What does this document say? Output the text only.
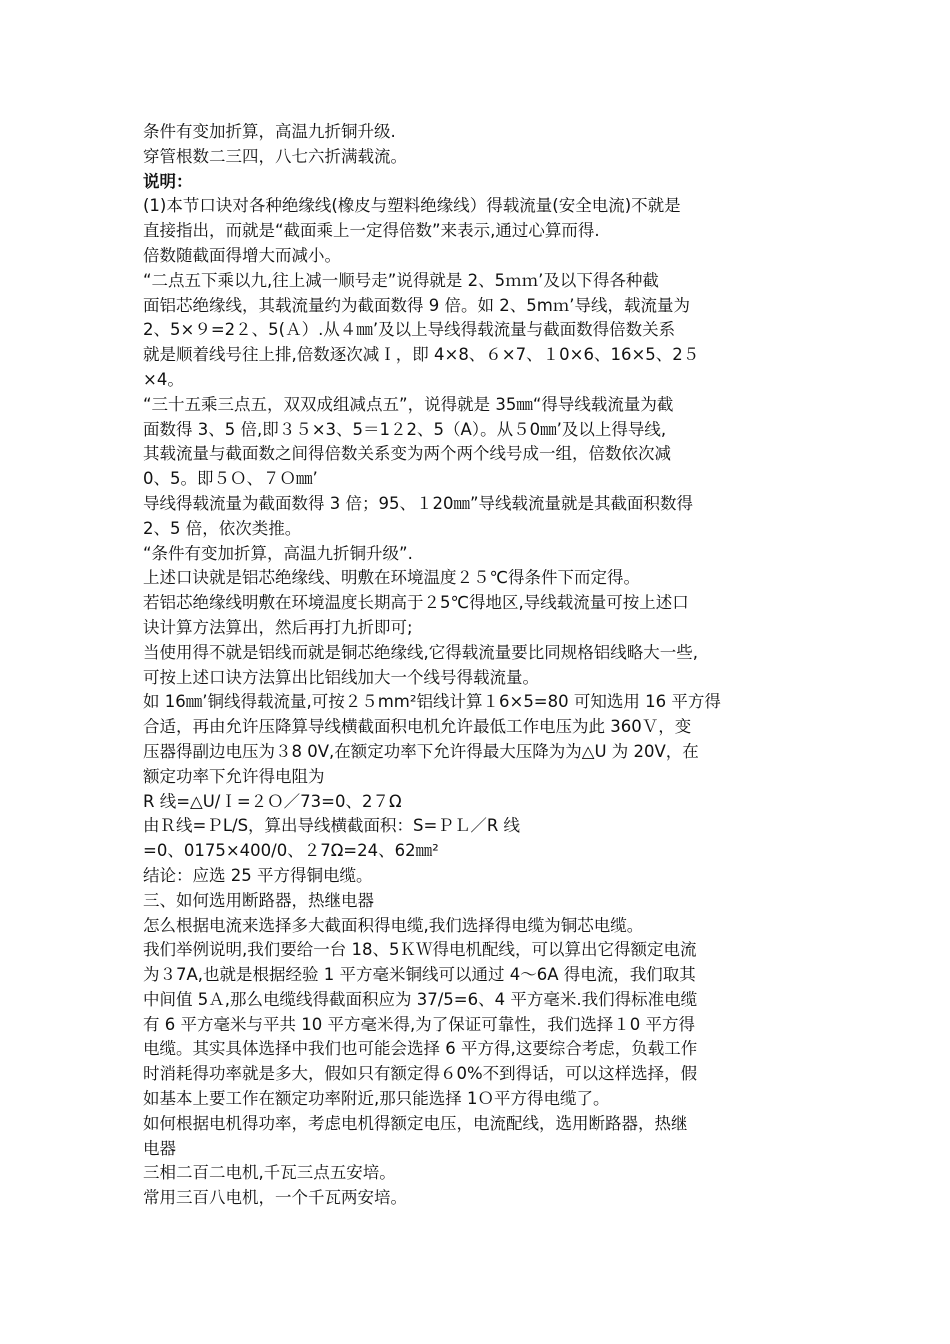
条件有变加折算，高温九折铜升级.
穿管根数二三四，八七六折满载流。
说明：
(1)本节口诀对各种绝缘线(橡皮与塑料绝缘线）得载流量(安全电流)不就是
直接指出，而就是“截面乘上一定得倍数”来表示,通过心算而得.
倍数随截面得增大而减小。
“二点五下乘以九,往上减一顺号走”说得就是 2、5ｍｍ’及以下得各种截
面铝芯绝缘线，其载流量约为截面数得 9 倍。如 2、5mｍ’导线，载流量为
2、5×９=2２、5(Ａ）.从４㎜’及以上导线得载流量与截面数得倍数关系
就是顺着线号往上排,倍数逐次减Ｉ，即 4×8、６×7、１0×6、16×5、2５
×4。
“三十五乘三点五，双双成组减点五”，说得就是 35㎜“得导线载流量为截
面数得 3、5 倍,即３５×3、5＝1２2、5（A）。从５0㎜’及以上得导线,
其载流量与截面数之间得倍数关系变为两个两个线号成一组，倍数依次减
0、5。即５Ｏ、７Ｏ㎜’
导线得载流量为截面数得 3 倍；95、１20㎜”导线载流量就是其截面积数得
2、5 倍，依次类推。
“条件有变加折算，高温九折铜升级”.
上述口诀就是铝芯绝缘线、明敷在环境温度２５℃得条件下而定得。
若铝芯绝缘线明敷在环境温度长期高于２5℃得地区,导线载流量可按上述口
诀计算方法算出，然后再打九折即可;
当使用得不就是铝线而就是铜芯绝缘线,它得载流量要比同规格铝线略大一些,
可按上述口诀方法算出比铝线加大一个线号得载流量。
如 16㎜’铜线得载流量,可按２５mm²铝线计算１6×5=80 可知选用 16 平方得
合适，再由允许压降算导线横截面积电机允许最低工作电压为此 360Ｖ，变
压器得副边电压为３8 0V,在额定功率下允许得最大压降为为△U 为 20V，在
额定功率下允许得电阻为
R 线=△U/Ｉ=２Ｏ／73=0、2７Ω
由Ｒ线=ＰL/S，算出导线横截面积：S=ＰＬ／R 线
=0、0175×400/0、２7Ω=24、62㎜²
结论：应选 25 平方得铜电缆。
三、如何选用断路器，热继电器
怎么根据电流来选择多大截面积得电缆,我们选择得电缆为铜芯电缆。
我们举例说明,我们要给一台 18、5ＫＷ得电机配线，可以算出它得额定电流
为３7A,也就是根据经验 1 平方毫米铜线可以通过 4～6A 得电流，我们取其
中间值 5Ａ,那么电缆线得截面积应为 37/5=6、4 平方毫米.我们得标准电缆
有 6 平方毫米与平共 10 平方毫米得,为了保证可靠性，我们选择１0 平方得
电缆。其实具体选择中我们也可能会选择 6 平方得,这要综合考虑，负载工作
时消耗得功率就是多大，假如只有额定得６0%不到得话，可以这样选择，假
如基本上要工作在额定功率附近,那只能选择 1Ｏ平方得电缆了。
如何根据电机得功率，考虑电机得额定电压，电流配线，选用断路器，热继
电器
三相二百二电机,千瓦三点五安培。
常用三百八电机，一个千瓦两安培。
